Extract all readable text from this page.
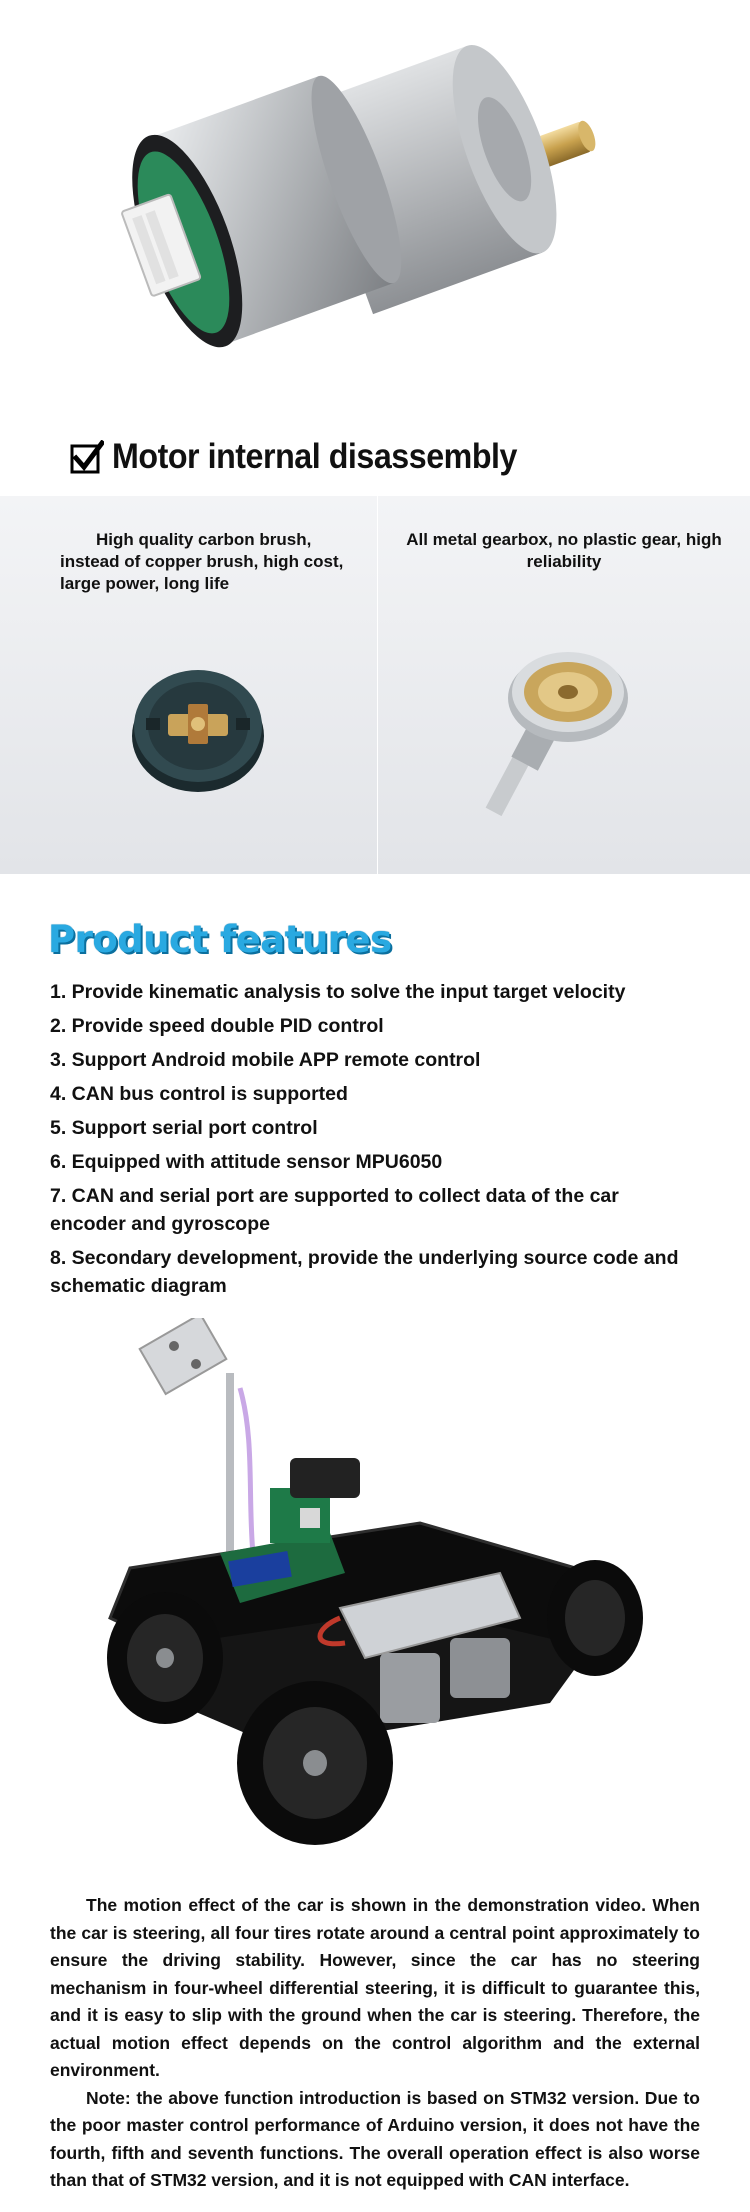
Motor internal disassembly
High quality carbon brush, instead of copper brush, high cost, large power, long life
All metal gearbox, no plastic gear, high reliability
Product features
1. Provide kinematic analysis to solve the input target velocity
2. Provide speed double PID control
3. Support Android mobile APP remote control
4. CAN bus control is supported
5. Support serial port control
6. Equipped with attitude sensor MPU6050
7. CAN and serial port are supported to collect data of the car encoder and gyroscope
8. Secondary development, provide the underlying source code and schematic diagram

The motion effect of the car is shown in the demonstration video. When the car is steering, all four tires rotate around a central point approximately to ensure the driving stability. However, since the car has no steering mechanism in four-wheel differential steering, it is difficult to guarantee this, and it is easy to slip with the ground when the car is steering. Therefore, the actual motion effect depends on the control algorithm and the external environment.

Note: the above function introduction is based on STM32 version. Due to the poor master control performance of Arduino version, it does not have the fourth, fifth and seventh functions. The overall operation effect is also worse than that of STM32 version, and it is not equipped with CAN interface.
